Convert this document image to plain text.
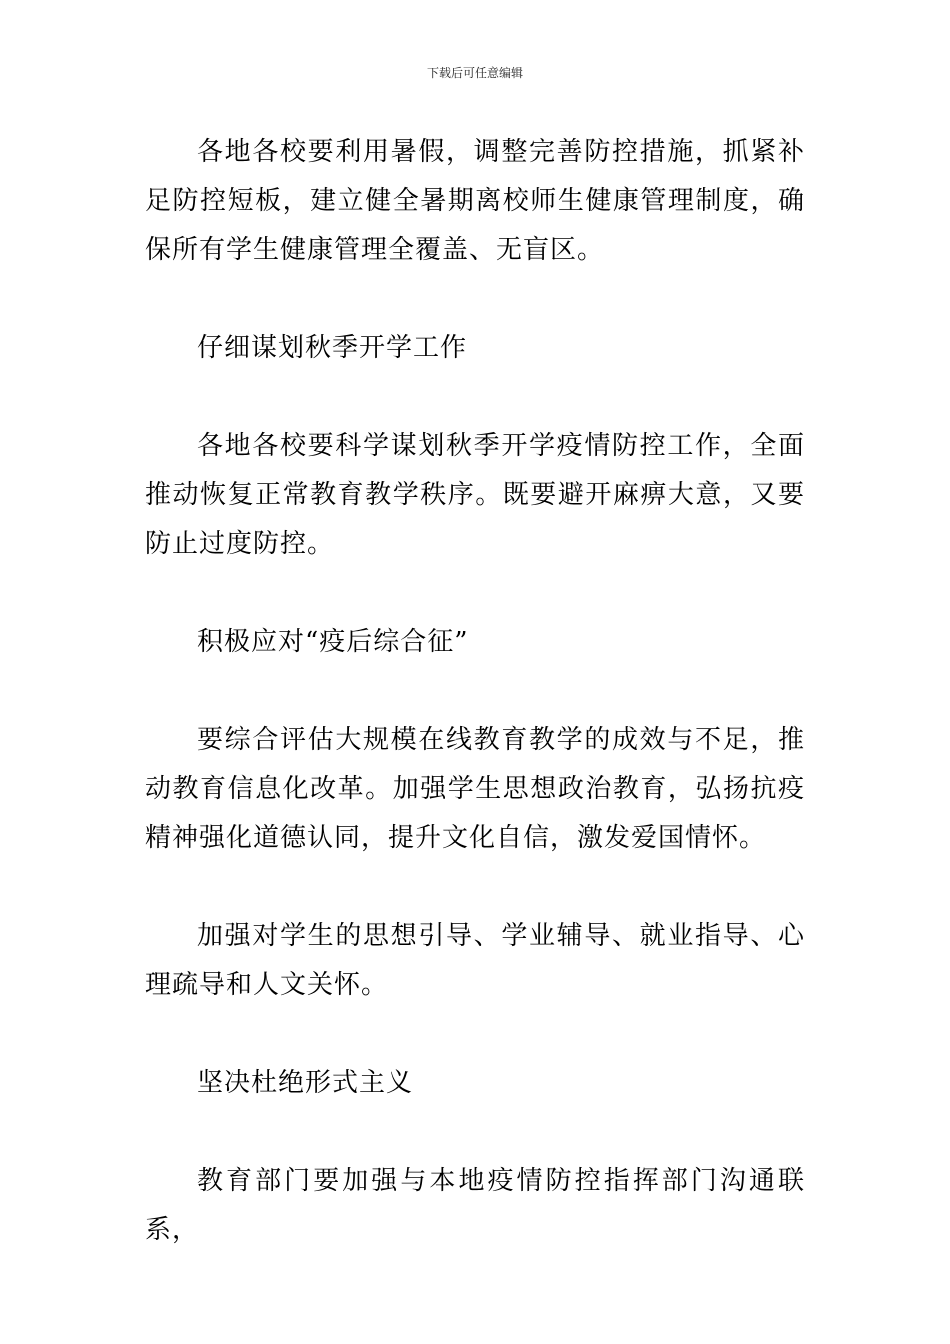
下载后可任意编辑

各地各校要利用暑假，调整完善防控措施，抓紧补足防控短板，建立健全暑期离校师生健康管理制度，确保所有学生健康管理全覆盖、无盲区。

仔细谋划秋季开学工作

各地各校要科学谋划秋季开学疫情防控工作，全面推动恢复正常教育教学秩序。既要避开麻痹大意，又要防止过度防控。

积极应对“疫后综合征”

要综合评估大规模在线教育教学的成效与不足，推动教育信息化改革。加强学生思想政治教育，弘扬抗疫精神强化道德认同，提升文化自信，激发爱国情怀。

加强对学生的思想引导、学业辅导、就业指导、心理疏导和人文关怀。

坚决杜绝形式主义

教育部门要加强与本地疫情防控指挥部门沟通联系，
